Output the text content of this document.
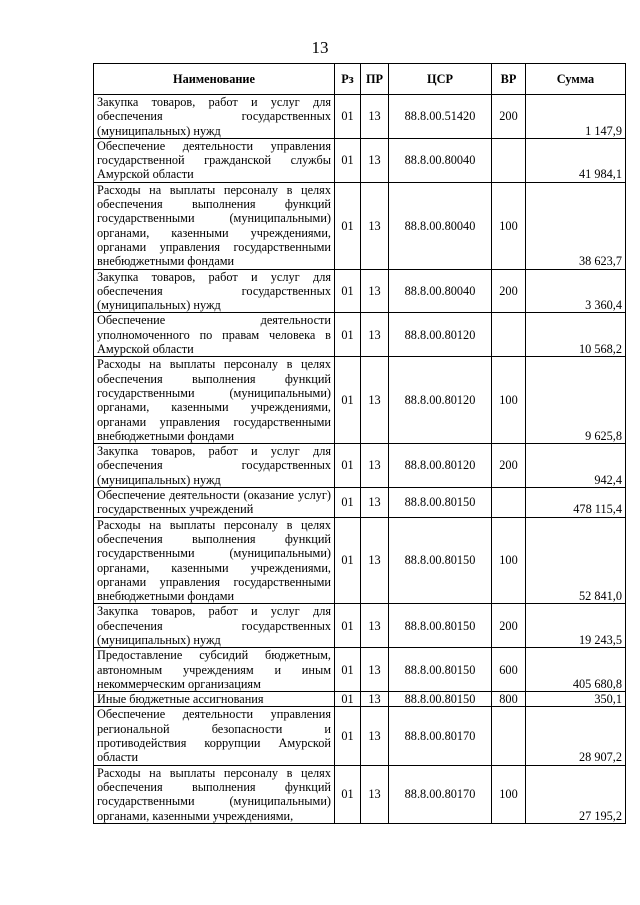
13
Наименование	Рз	ПР	ЦСР	ВР	Сумма
Закупка товаров, работ и услуг для обеспечения государственных (муниципальных) нужд	01	13	88.8.00.51420	200	1 147,9
Обеспечение деятельности управления государственной гражданской службы Амурской области	01	13	88.8.00.80040		41 984,1
Расходы на выплаты персоналу в целях обеспечения выполнения функций государственными (муниципальными) органами, казенными учреждениями, органами управления государственными внебюджетными фондами	01	13	88.8.00.80040	100	38 623,7
Закупка товаров, работ и услуг для обеспечения государственных (муниципальных) нужд	01	13	88.8.00.80040	200	3 360,4
Обеспечение деятельности уполномоченного по правам человека в Амурской области	01	13	88.8.00.80120		10 568,2
Расходы на выплаты персоналу в целях обеспечения выполнения функций государственными (муниципальными) органами, казенными учреждениями, органами управления государственными внебюджетными фондами	01	13	88.8.00.80120	100	9 625,8
Закупка товаров, работ и услуг для обеспечения государственных (муниципальных) нужд	01	13	88.8.00.80120	200	942,4
Обеспечение деятельности (оказание услуг) государственных учреждений	01	13	88.8.00.80150		478 115,4
Расходы на выплаты персоналу в целях обеспечения выполнения функций государственными (муниципальными) органами, казенными учреждениями, органами управления государственными внебюджетными фондами	01	13	88.8.00.80150	100	52 841,0
Закупка товаров, работ и услуг для обеспечения государственных (муниципальных) нужд	01	13	88.8.00.80150	200	19 243,5
Предоставление субсидий бюджетным, автономным учреждениям и иным некоммерческим организациям	01	13	88.8.00.80150	600	405 680,8
Иные бюджетные ассигнования	01	13	88.8.00.80150	800	350,1
Обеспечение деятельности управления региональной безопасности и противодействия коррупции Амурской области	01	13	88.8.00.80170		28 907,2
Расходы на выплаты персоналу в целях обеспечения выполнения функций государственными (муниципальными) органами, казенными учреждениями,	01	13	88.8.00.80170	100	27 195,2
